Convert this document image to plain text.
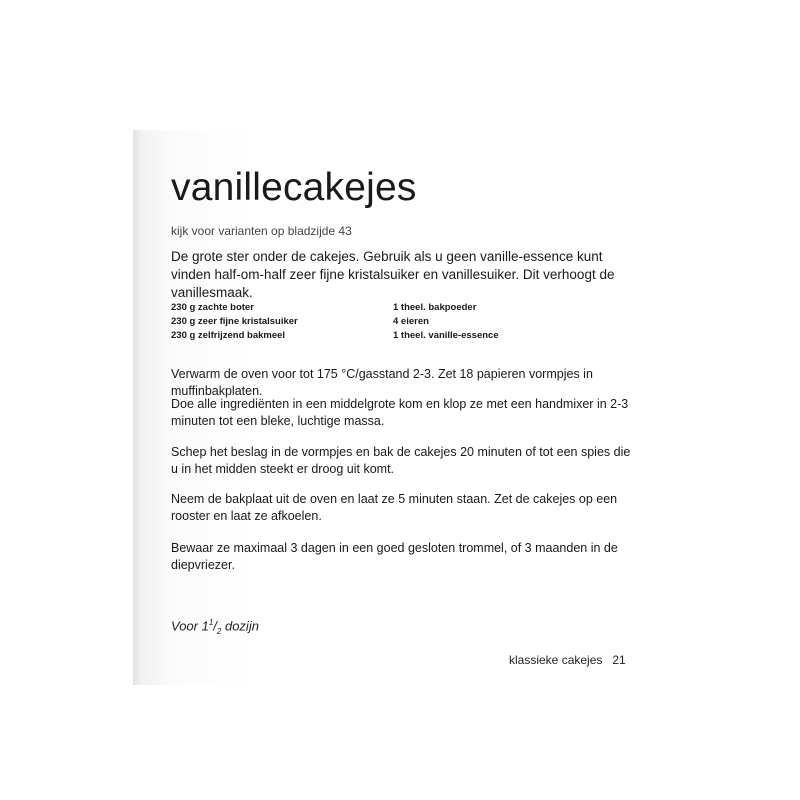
vanillecakejes
kijk voor varianten op bladzijde 43
De grote ster onder de cakejes. Gebruik als u geen vanille-essence kunt vinden half-om-half zeer fijne kristalsuiker en vanillesuiker. Dit verhoogt de vanillesmaak.
230 g zachte boter
230 g zeer fijne kristalsuiker
230 g zelfrijzend bakmeel
1 theel. bakpoeder
4 eieren
1 theel. vanille-essence
Verwarm de oven voor tot 175 °C/gasstand 2-3. Zet 18 papieren vormpjes in muffinbakplaten.
Doe alle ingrediënten in een middelgrote kom en klop ze met een handmixer in 2-3 minuten tot een bleke, luchtige massa.
Schep het beslag in de vormpjes en bak de cakejes 20 minuten of tot een spies die u in het midden steekt er droog uit komt.
Neem de bakplaat uit de oven en laat ze 5 minuten staan. Zet de cakejes op een rooster en laat ze afkoelen.
Bewaar ze maximaal 3 dagen in een goed gesloten trommel, of 3 maanden in de diepvriezer.
Voor $1^1/_2$ dozijn
klassieke cakejes 21
